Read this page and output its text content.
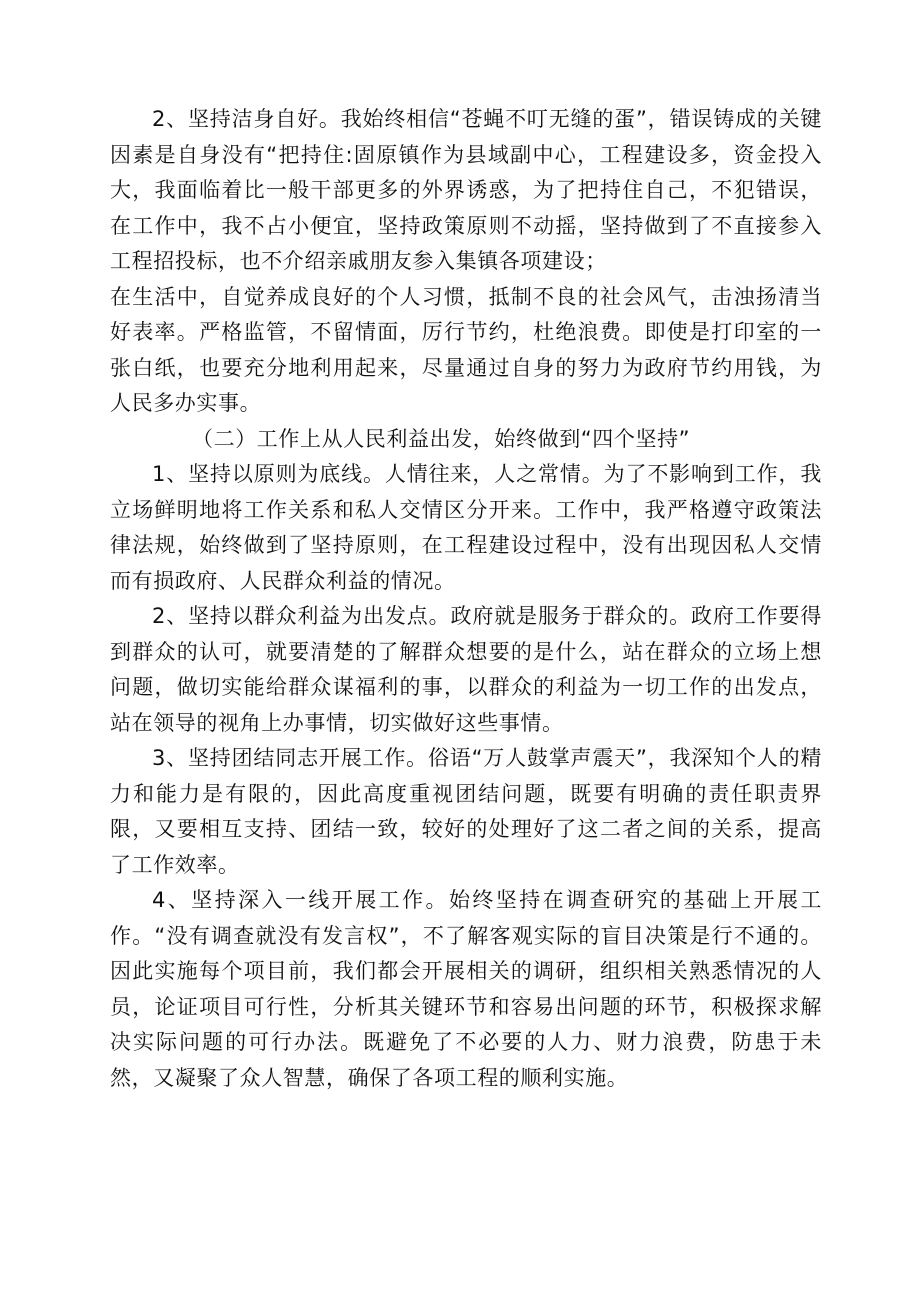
2、坚持洁身自好。我始终相信“苍蝇不叮无缝的蛋”，错误铸成的关键因素是自身没有“把持住:固原镇作为县域副中心，工程建设多，资金投入大，我面临着比一般干部更多的外界诱惑，为了把持住自己，不犯错误，在工作中，我不占小便宜，坚持政策原则不动摇，坚持做到了不直接参入工程招投标，也不介绍亲戚朋友参入集镇各项建设；

在生活中，自觉养成良好的个人习惯，抵制不良的社会风气，击浊扬清当好表率。严格监管，不留情面，厉行节约，杜绝浪费。即使是打印室的一张白纸，也要充分地利用起来，尽量通过自身的努力为政府节约用钱，为人民多办实事。

（二）工作上从人民利益出发，始终做到“四个坚持”

1、坚持以原则为底线。人情往来，人之常情。为了不影响到工作，我立场鲜明地将工作关系和私人交情区分开来。工作中，我严格遵守政策法律法规，始终做到了坚持原则，在工程建设过程中，没有出现因私人交情而有损政府、人民群众利益的情况。

2、坚持以群众利益为出发点。政府就是服务于群众的。政府工作要得到群众的认可，就要清楚的了解群众想要的是什么，站在群众的立场上想问题，做切实能给群众谋福利的事，以群众的利益为一切工作的出发点，站在领导的视角上办事情，切实做好这些事情。

3、坚持团结同志开展工作。俗语“万人鼓掌声震天”，我深知个人的精力和能力是有限的，因此高度重视团结问题，既要有明确的责任职责界限，又要相互支持、团结一致，较好的处理好了这二者之间的关系，提高了工作效率。

4、坚持深入一线开展工作。始终坚持在调查研究的基础上开展工作。“没有调查就没有发言权”，不了解客观实际的盲目决策是行不通的。因此实施每个项目前，我们都会开展相关的调研，组织相关熟悉情况的人员，论证项目可行性，分析其关键环节和容易出问题的环节，积极探求解决实际问题的可行办法。既避免了不必要的人力、财力浪费，防患于未然，又凝聚了众人智慧，确保了各项工程的顺利实施。
